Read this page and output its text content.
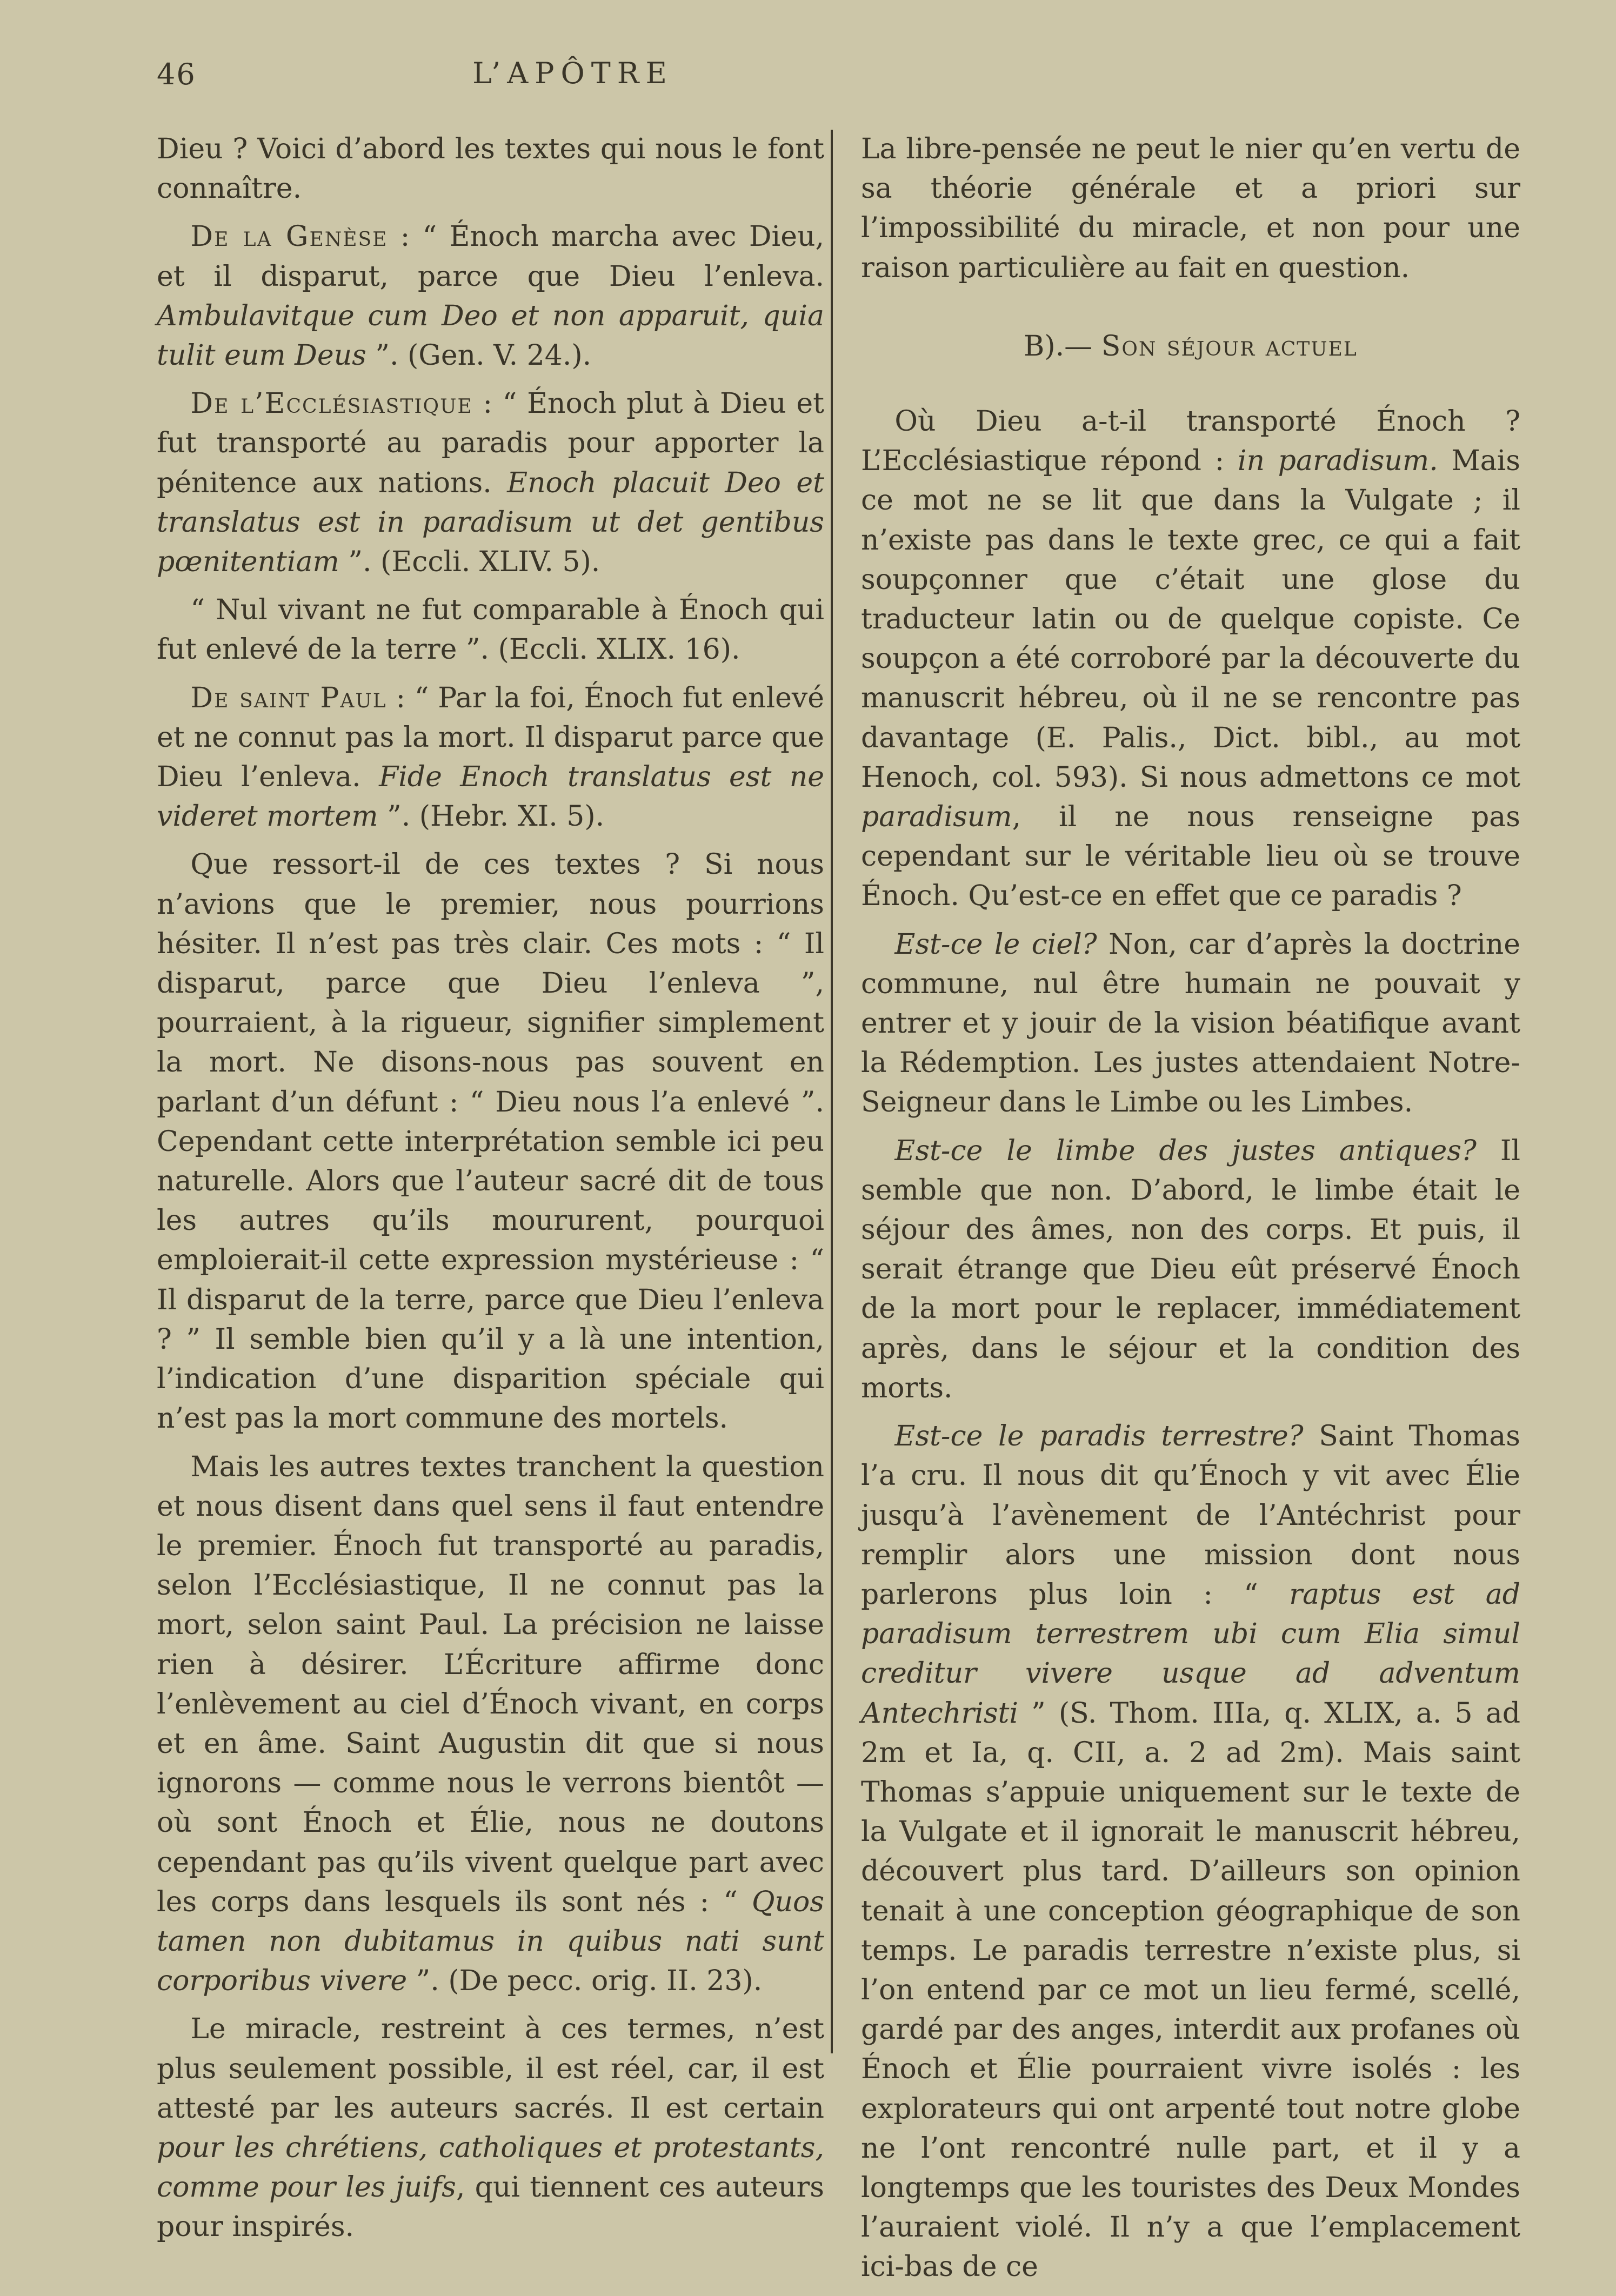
46	L’APÔTRE

Dieu ? Voici d’abord les textes qui nous le font connaître.

De la Genèse : “ Énoch marcha avec Dieu, et il disparut, parce que Dieu l’enleva. Ambulavitque cum Deo et non apparuit, quia tulit eum Deus ”. (Gen. V. 24.).

De l’Ecclésiastique : “ Énoch plut à Dieu et fut transporté au paradis pour apporter la pénitence aux nations. Enoch placuit Deo et translatus est in paradisum ut det gentibus pœnitentiam ”. (Eccli. XLIV. 5).

“ Nul vivant ne fut comparable à Énoch qui fut enlevé de la terre ”. (Eccli. XLIX. 16).

De saint Paul : “ Par la foi, Énoch fut enlevé et ne connut pas la mort. Il disparut parce que Dieu l’enleva. Fide Enoch translatus est ne videret mortem ”. (Hebr. XI. 5).

Que ressort-il de ces textes ? Si nous n’avions que le premier, nous pourrions hésiter. Il n’est pas très clair. Ces mots : “ Il disparut, parce que Dieu l’enleva ”, pourraient, à la rigueur, signifier simplement la mort. Ne disons-nous pas souvent en parlant d’un défunt : “ Dieu nous l’a enlevé ”. Cependant cette interprétation semble ici peu naturelle. Alors que l’auteur sacré dit de tous les autres qu’ils moururent, pourquoi emploierait-il cette expression mystérieuse : “ Il disparut de la terre, parce que Dieu l’enleva ? ” Il semble bien qu’il y a là une intention, l’indication d’une disparition spéciale qui n’est pas la mort commune des mortels.

Mais les autres textes tranchent la question et nous disent dans quel sens il faut entendre le premier. Énoch fut transporté au paradis, selon l’Ecclésiastique, Il ne connut pas la mort, selon saint Paul. La précision ne laisse rien à désirer. L’Écriture affirme donc l’enlèvement au ciel d’Énoch vivant, en corps et en âme. Saint Augustin dit que si nous ignorons — comme nous le verrons bientôt — où sont Énoch et Élie, nous ne doutons cependant pas qu’ils vivent quelque part avec les corps dans lesquels ils sont nés : “ Quos tamen non dubitamus in quibus nati sunt corporibus vivere ”. (De pecc. orig. II. 23).

Le miracle, restreint à ces termes, n’est plus seulement possible, il est réel, car, il est attesté par les auteurs sacrés. Il est certain pour les chrétiens, catholiques et protestants, comme pour les juifs, qui tiennent ces auteurs pour inspirés.

La libre-pensée ne peut le nier qu’en vertu de sa théorie générale et a priori sur l’impossibilité du miracle, et non pour une raison particulière au fait en question.

B).— Son séjour actuel

Où Dieu a-t-il transporté Énoch ? L’Ecclésiastique répond : in paradisum. Mais ce mot ne se lit que dans la Vulgate ; il n’existe pas dans le texte grec, ce qui a fait soupçonner que c’était une glose du traducteur latin ou de quelque copiste. Ce soupçon a été corroboré par la découverte du manuscrit hébreu, où il ne se rencontre pas davantage (E. Palis., Dict. bibl., au mot Henoch, col. 593). Si nous admettons ce mot paradisum, il ne nous renseigne pas cependant sur le véritable lieu où se trouve Énoch. Qu’est-ce en effet que ce paradis ?

Est-ce le ciel? Non, car d’après la doctrine commune, nul être humain ne pouvait y entrer et y jouir de la vision béatifique avant la Rédemption. Les justes attendaient Notre-Seigneur dans le Limbe ou les Limbes.

Est-ce le limbe des justes antiques? Il semble que non. D’abord, le limbe était le séjour des âmes, non des corps. Et puis, il serait étrange que Dieu eût préservé Énoch de la mort pour le replacer, immédiatement après, dans le séjour et la condition des morts.

Est-ce le paradis terrestre? Saint Thomas l’a cru. Il nous dit qu’Énoch y vit avec Élie jusqu’à l’avènement de l’Antéchrist pour remplir alors une mission dont nous parlerons plus loin : “ raptus est ad paradisum terrestrem ubi cum Elia simul creditur vivere usque ad adventum Antechristi ” (S. Thom. IIIa, q. XLIX, a. 5 ad 2m et Ia, q. CII, a. 2 ad 2m). Mais saint Thomas s’appuie uniquement sur le texte de la Vulgate et il ignorait le manuscrit hébreu, découvert plus tard. D’ailleurs son opinion tenait à une conception géographique de son temps. Le paradis terrestre n’existe plus, si l’on entend par ce mot un lieu fermé, scellé, gardé par des anges, interdit aux profanes où Énoch et Élie pourraient vivre isolés : les explorateurs qui ont arpenté tout notre globe ne l’ont rencontré nulle part, et il y a longtemps que les touristes des Deux Mondes l’auraient violé. Il n’y a que l’emplacement ici-bas de ce
